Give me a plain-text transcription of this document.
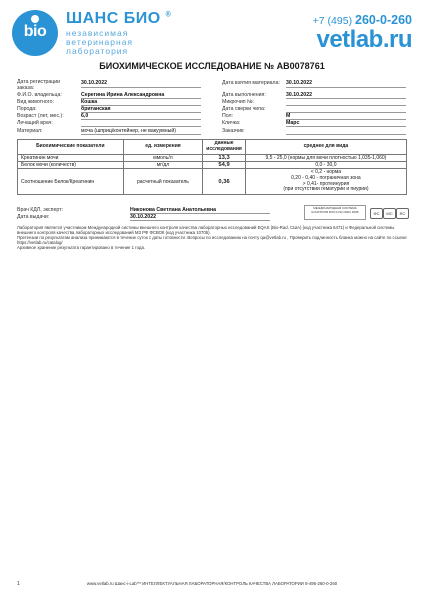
bio
ШАНС БИО ®
независимая
ветеринарная
лаборатория
+7 (495) 260-0-260
vetlab.ru
БИОХИМИЧЕСКОЕ ИССЛЕДОВАНИЕ № AB0078761
Дата регистрации
заказа:
30.10.2022	Дата взятия материала: 30.10.2022
Ф.И.О. владельца:	Серегина Ирина Александровна	Дата выполнения:	30.10.2022
Вид животного:	Кошка	Микрочип №:
Порода:	британская	Дата сверки чипа:
Возраст (лет, мес.):	6,0	Пол:	М
Лечащий врач:	Кличка:	Марс
Материал:	моча (шприц/контейнер, не вакуумный)	Заказчик:
Биохимические показатели	ед. измерения	данные
исследования	среднее для вида
Креатинин мочи	ммоль/л	13,3	9,5 - 25,0 (нормы для мочи плотностью 1,035-1,060)
Белок мочи (количеств)	мг/дл	54,9	0,0 - 30,0
Соотношение Белок/Креатинин	расчетный показатель	0,36	< 0,2 - норма
0,20 - 0,40 - пограничная зона
> 0,41- протеинурия
(при отсутствии гематурии и пиурии)
Врач КДЛ, эксперт:	Никонова Светлана Анатольевна
Дата выдачи:	30.10.2022
МЕЖДУНАРОДНАЯ СИСТЕМА КОНТРОЛЯ ROCS ISO 9001 2008	ФС	МС	RC

Лаборатория является участником Международной системы внешнего контроля качества лабораторных исследований EQAS (Bio-Rad, США) (код участника 6471) и Федеральной системы внешнего контроля качества лабораторных исследований МЗ РФ ФСВОК (код участника 10705).

Претензии по результатам анализа принимаются в течение суток с даты готовности .Вопросы по исследованию на почту qa@vetlab.ru , Проверить подлинность бланка можно на сайте по ссылке https://vetlab.ru/catalog/

Архивное хранение результата гарантировано в течение 1 года.

1	www.vetlab.ru Шанс-i-Lab™ ИНТЕЛЛЕКТУАЛЬНАЯ ЛАБОРАТОРНАЯ/КОНТРОЛЬ КАЧЕСТВА ЛАБОРАТОРИИ 8-495-260-0-260
